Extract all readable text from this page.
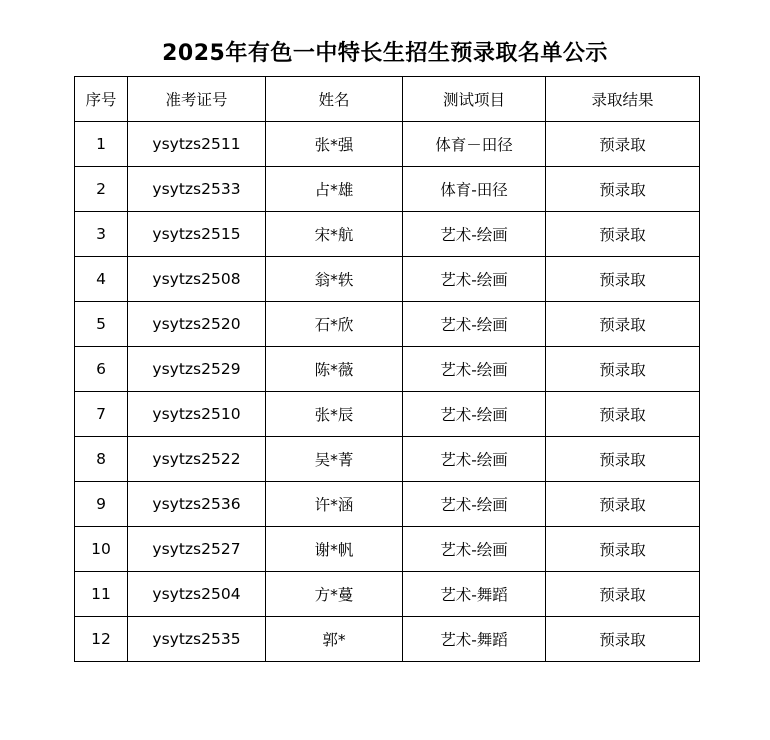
2025年有色一中特长生招生预录取名单公示
序号	准考证号	姓名	测试项目	录取结果
1	ysytzs2511	张*强	体育－田径	预录取
2	ysytzs2533	占*雄	体育-田径	预录取
3	ysytzs2515	宋*航	艺术-绘画	预录取
4	ysytzs2508	翁*轶	艺术-绘画	预录取
5	ysytzs2520	石*欣	艺术-绘画	预录取
6	ysytzs2529	陈*薇	艺术-绘画	预录取
7	ysytzs2510	张*辰	艺术-绘画	预录取
8	ysytzs2522	吴*菁	艺术-绘画	预录取
9	ysytzs2536	许*涵	艺术-绘画	预录取
10	ysytzs2527	谢*帆	艺术-绘画	预录取
11	ysytzs2504	方*蔓	艺术-舞蹈	预录取
12	ysytzs2535	郭*	艺术-舞蹈	预录取
